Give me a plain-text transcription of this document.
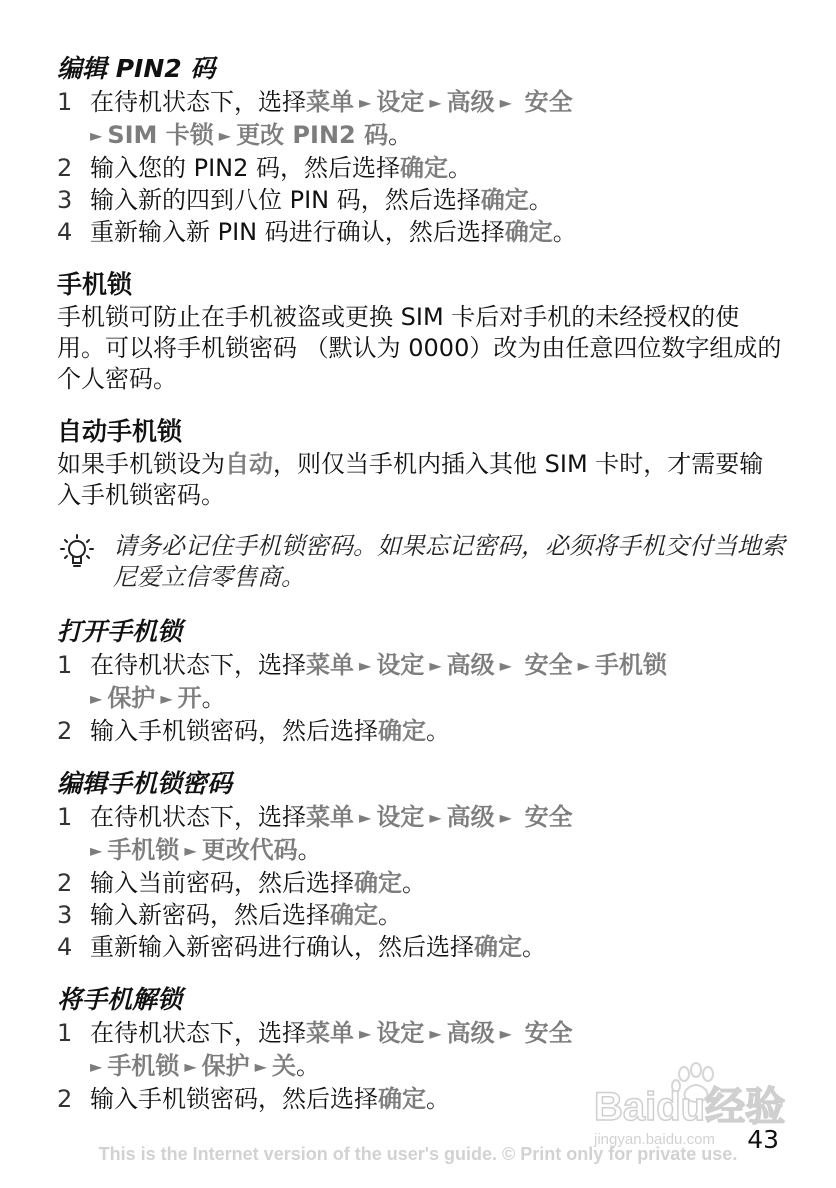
编辑 PIN2 码
1 在待机状态下，选择菜单 ► 设定 ► 高级 ► 安全
► SIM 卡锁 ► 更改 PIN2 码。
2 输入您的 PIN2 码，然后选择确定。
3 输入新的四到八位 PIN 码，然后选择确定。
4 重新输入新 PIN 码进行确认，然后选择确定。
手机锁

手机锁可防止在手机被盗或更换 SIM 卡后对手机的未经授权的使用。可以将手机锁密码 （默认为 0000）改为由任意四位数字组成的个人密码。

自动手机锁

如果手机锁设为自动，则仅当手机内插入其他 SIM 卡时，才需要输入手机锁密码。

请务必记住手机锁密码。如果忘记密码，必须将手机交付当地索尼爱立信零售商。

打开手机锁
1 在待机状态下，选择菜单 ► 设定 ► 高级 ► 安全 ► 手机锁
► 保护 ► 开。
2 输入手机锁密码，然后选择确定。
编辑手机锁密码
1 在待机状态下，选择菜单 ► 设定 ► 高级 ► 安全
► 手机锁 ► 更改代码。
2 输入当前密码，然后选择确定。
3 输入新密码，然后选择确定。
4 重新输入新密码进行确认，然后选择确定。
将手机解锁
1 在待机状态下，选择菜单 ► 设定 ► 高级 ► 安全
► 手机锁 ► 保护 ► 关。
2 输入手机锁密码，然后选择确定。	Baidu经验
jingyan.baidu.com 43
This is the Internet version of the user's guide. © Print only for private use.
